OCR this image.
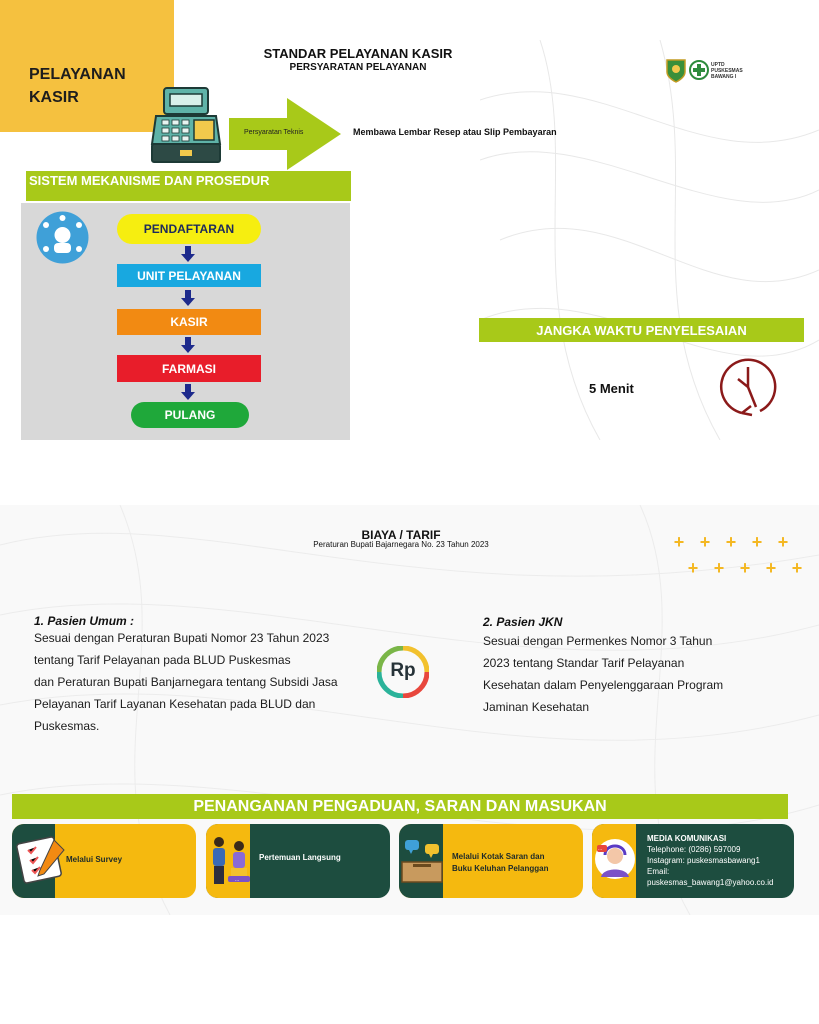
PELAYANAN
KASIR
STANDAR PELAYANAN KASIR
PERSYARATAN PELAYANAN	UPTD
PUSKESMAS
BAWANG I
Persyaratan Teknis	Membawa Lembar Resep atau Slip Pembayaran
SISTEM MEKANISME DAN PROSEDUR
PENDAFTARAN
UNIT PELAYANAN
KASIR
FARMASI
PULANG
JANGKA WAKTU PENYELESAIAN
5 Menit
BIAYA / TARIF
Peraturan Bupati Bajarnegara No. 23 Tahun 2023	+ + + + +
+ + + + +
1. Pasien Umum :
Sesuai dengan Peraturan Bupati Nomor 23 Tahun 2023
tentang Tarif Pelayanan pada BLUD Puskesmas
dan Peraturan Bupati Banjarnegara tentang Subsidi Jasa
Pelayanan Tarif Layanan Kesehatan pada BLUD dan
Puskesmas.
Rp
2. Pasien JKN
Sesuai dengan Permenkes Nomor 3 Tahun
2023 tentang Standar Tarif Pelayanan
Kesehatan dalam Penyelenggaraan Program
Jaminan Kesehatan
PENANGANAN PENGADUAN, SARAN DAN MASUKAN
Melalui Survey
...
Pertemuan Langsung	Melalui Kotak Saran dan
Buku Keluhan Pelanggan
...
MEDIA KOMUNIKASI
Telephone: (0286) 597009
Instagram: puskesmasbawang1
Email:
puskesmas_bawang1@yahoo.co.id
